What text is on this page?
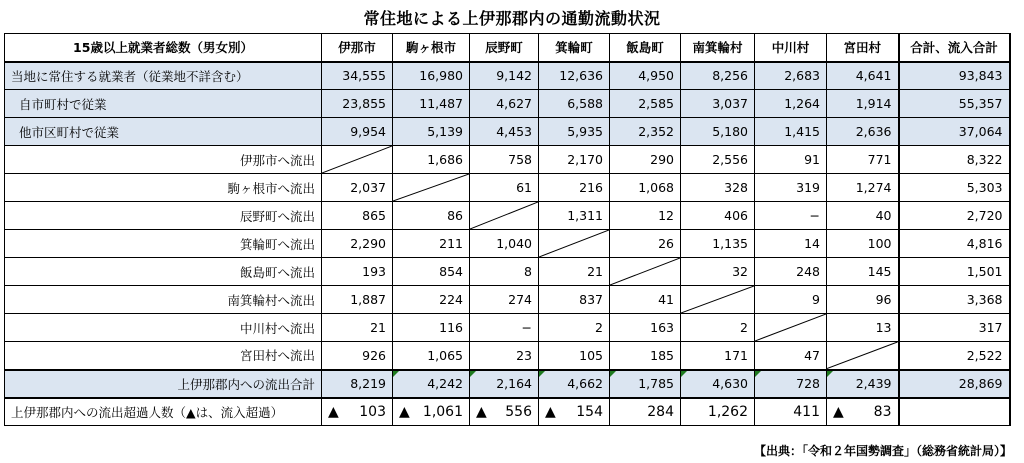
常住地による上伊那郡内の通勤流動状況
15歳以上就業者総数（男女別）	伊那市	駒ヶ根市	辰野町	箕輪町	飯島町	南箕輪村	中川村	宮田村	合計、流入合計
当地に常住する就業者（従業地不詳含む）	34,555	16,980	9,142	12,636	4,950	8,256	2,683	4,641	93,843
自市町村で従業	23,855	11,487	4,627	6,588	2,585	3,037	1,264	1,914	55,357
他市区町村で従業	9,954	5,139	4,453	5,935	2,352	5,180	1,415	2,636	37,064
伊那市へ流出		1,686	758	2,170	290	2,556	91	771	8,322
駒ヶ根市へ流出	2,037		61	216	1,068	328	319	1,274	5,303
辰野町へ流出	865	86		1,311	12	406	−	40	2,720
箕輪町へ流出	2,290	211	1,040		26	1,135	14	100	4,816
飯島町へ流出	193	854	8	21		32	248	145	1,501
南箕輪村へ流出	1,887	224	274	837	41		9	96	3,368
中川村へ流出	21	116	−	2	163	2		13	317
宮田村へ流出	926	1,065	23	105	185	171	47		2,522
上伊那郡内への流出合計	8,219	4,242	2,164	4,662	1,785	4,630	728	2,439	28,869
上伊那郡内への流出超過人数（▲は、流入超過）	▲ 103	▲ 1,061	▲ 556	▲ 154	284	1,262	411	▲ 83	

【出典：「令和２年国勢調査」（総務省統計局）】
